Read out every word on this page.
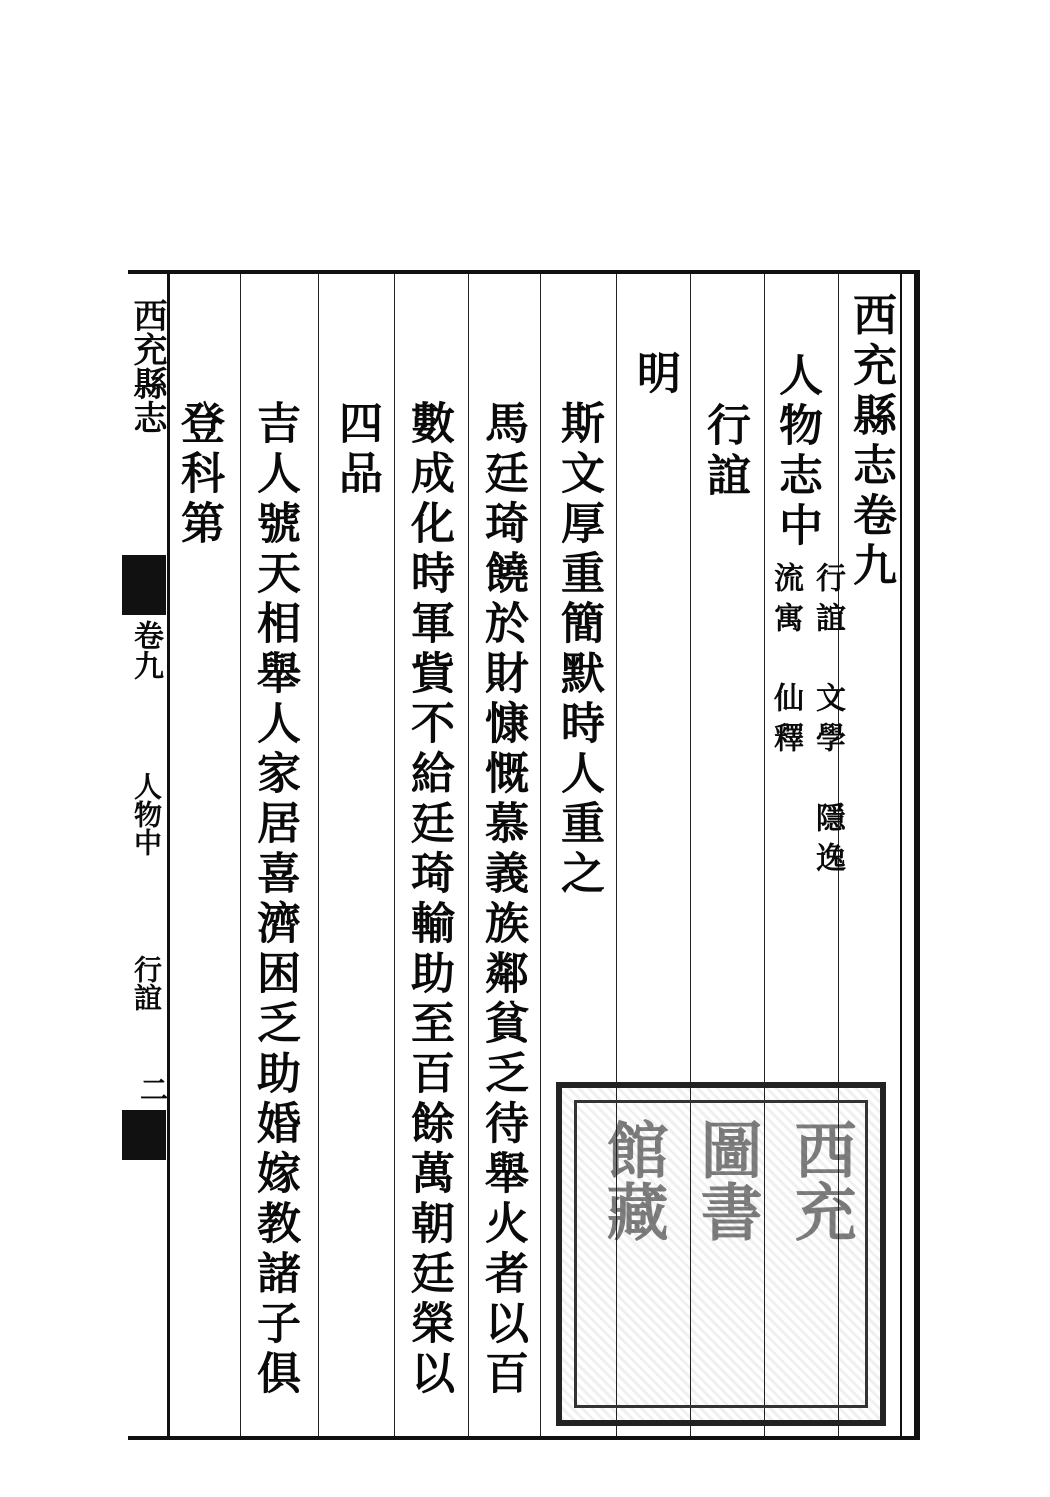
西充縣志
卷九
人物中
行誼
二
西充縣志卷九
人物志中
行誼　文學　隱逸
流寓　仙釋
行誼
明
斯文厚重簡默時人重之
馬廷琦饒於財慷慨慕義族鄰貧乏待舉火者以百
數成化時軍貲不給廷琦輸助至百餘萬朝廷榮以
四品
吉人號天相舉人家居喜濟困乏助婚嫁教諸子俱
登科第
西充
圖書
館藏
